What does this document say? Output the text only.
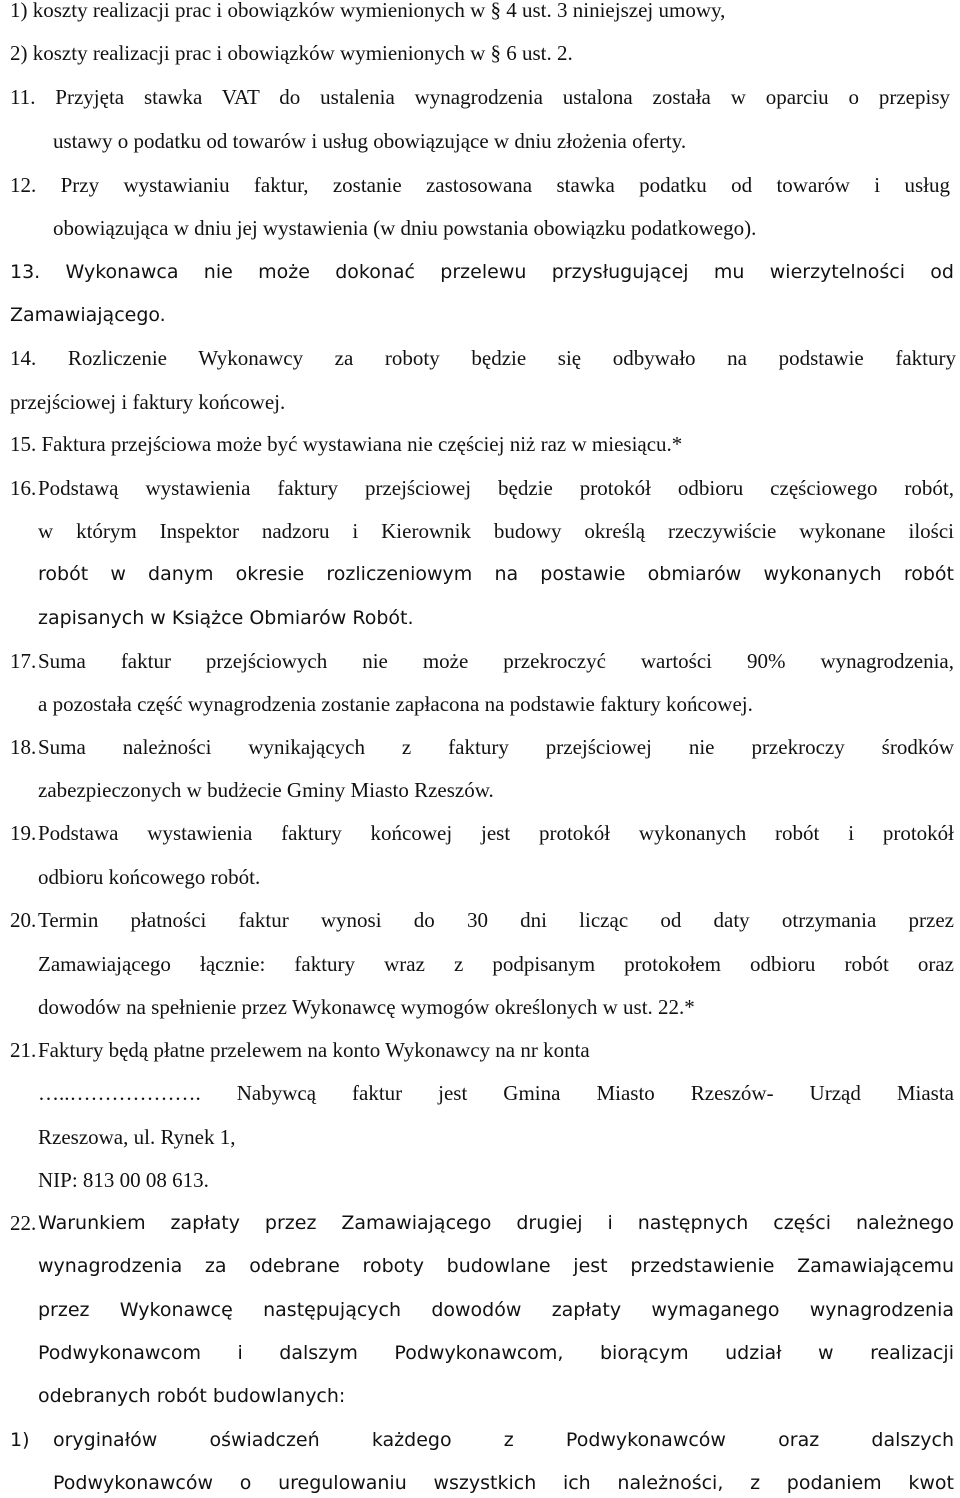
1) koszty realizacji prac i obowiązków wymienionych w § 4 ust. 3 niniejszej umowy,
2) koszty realizacji prac i obowiązków wymienionych w § 6 ust. 2.
11. Przyjęta stawka VAT do ustalenia wynagrodzenia ustalona została w oparciu o przepisy
ustawy o podatku od towarów i usług obowiązujące w dniu złożenia oferty.
12. Przy wystawianiu faktur, zostanie zastosowana stawka podatku od towarów i usług
obowiązująca w dniu jej wystawienia (w dniu powstania obowiązku podatkowego).
13. Wykonawca nie może dokonać przelewu przysługującej mu wierzytelności od
Zamawiającego.
14. Rozliczenie Wykonawcy za roboty będzie się odbywało na podstawie faktury
przejściowej i faktury końcowej.
15. Faktura przejściowa może być wystawiana nie częściej niż raz w miesiącu.*
16. Podstawą wystawienia faktury przejściowej będzie protokół odbioru częściowego robót,
w którym Inspektor nadzoru i Kierownik budowy określą rzeczywiście wykonane ilości
robót w danym okresie rozliczeniowym na postawie obmiarów wykonanych robót
zapisanych w Książce Obmiarów Robót.
17. Suma faktur przejściowych nie może przekroczyć wartości 90% wynagrodzenia,
a pozostała część wynagrodzenia zostanie zapłacona na podstawie faktury końcowej.
18. Suma należności wynikających z faktury przejściowej nie przekroczy środków
zabezpieczonych w budżecie Gminy Miasto Rzeszów.
19. Podstawa wystawienia faktury końcowej jest protokół wykonanych robót i protokół
odbioru końcowego robót.
20. Termin płatności faktur wynosi do 30 dni licząc od daty otrzymania przez
Zamawiającego łącznie: faktury wraz z podpisanym protokołem odbioru robót oraz
dowodów na spełnienie przez Wykonawcę wymogów określonych w ust. 22.*
21. Faktury będą płatne przelewem na konto Wykonawcy na nr konta
…..………………. Nabywcą faktur jest Gmina Miasto Rzeszów- Urząd Miasta
Rzeszowa, ul. Rynek 1,
NIP: 813 00 08 613.
22. Warunkiem zapłaty przez Zamawiającego drugiej i następnych części należnego
wynagrodzenia za odebrane roboty budowlane jest przedstawienie Zamawiającemu
przez Wykonawcę następujących dowodów zapłaty wymaganego wynagrodzenia
Podwykonawcom i dalszym Podwykonawcom, biorącym udział w realizacji
odebranych robót budowlanych:
1) oryginałów oświadczeń każdego z Podwykonawców oraz dalszych
Podwykonawców o uregulowaniu wszystkich ich należności, z podaniem kwot
